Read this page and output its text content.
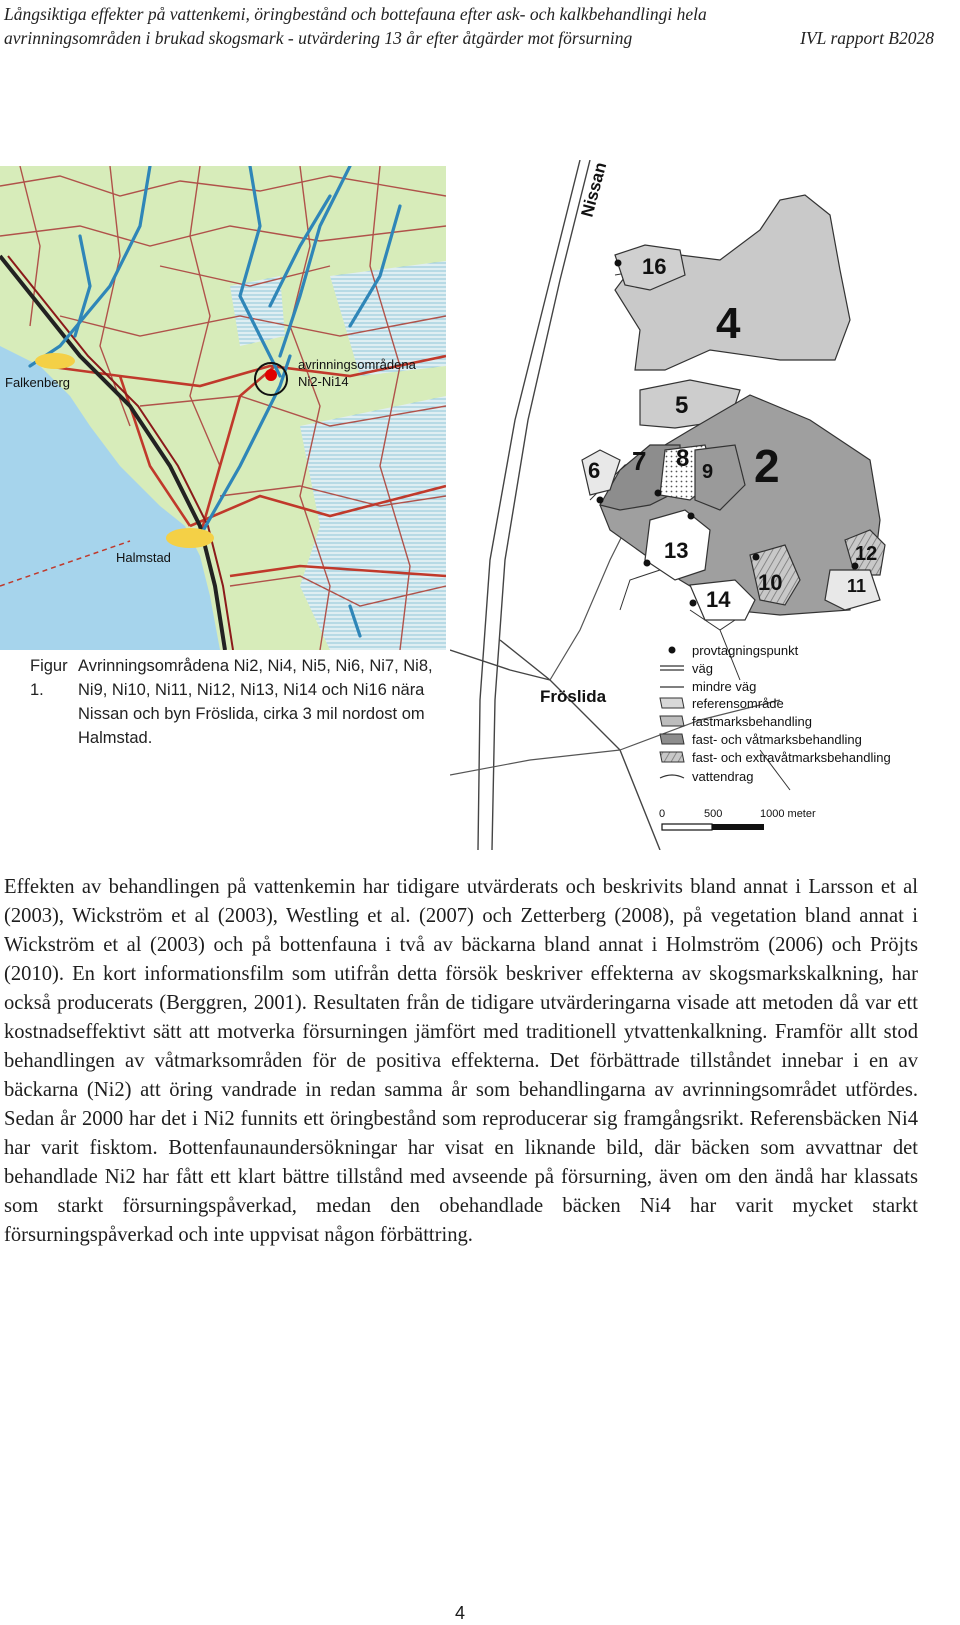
Långsiktiga effekter på vattenkemi, öringbestånd och bottefauna efter ask- och kalkbehandlingi hela
avrinningsområden i brukad skogsmark - utvärdering 13 år efter åtgärder mot försurning	IVL rapport B2028
avrinningsområdena
Ni2-Ni14
Falkenberg
Halmstad
Figur 1.
Avrinningsområdena Ni2, Ni4, Ni5, Ni6, Ni7, Ni8, Ni9, Ni10, Ni11, Ni12, Ni13, Ni14 och Ni16 nära Nissan och byn Fröslida, cirka 3 mil nordost om Halmstad.
Nissan
Fröslida
16
4
5
7 8 9
6	2
13	12
10	11
14
provtagningspunkt
väg
mindre väg
referensområde
fastmarksbehandling
fast- och våtmarksbehandling
fast- och extravåtmarksbehandling
vattendrag
0	500	1000 meter
Effekten av behandlingen på vattenkemin har tidigare utvärderats och beskrivits bland annat i Larsson et al (2003), Wickström et al (2003), Westling et al. (2007) och Zetterberg (2008), på vegetation bland annat i Wickström et al (2003) och på bottenfauna i två av bäckarna bland annat i Holmström (2006) och Pröjts (2010). En kort informationsfilm som utifrån detta försök beskriver effekterna av skogsmarkskalkning, har också producerats (Berggren, 2001). Resultaten från de tidigare utvärderingarna visade att metoden då var ett kostnadseffektivt sätt att motverka försurningen jämfört med traditionell ytvattenkalkning. Framför allt stod behandlingen av våtmarksområden för de positiva effekterna. Det förbättrade tillståndet innebar i en av bäckarna (Ni2) att öring vandrade in redan samma år som behandlingarna av avrinningsområdet utfördes. Sedan år 2000 har det i Ni2 funnits ett öringbestånd som reproducerar sig framgångsrikt. Referensbäcken Ni4 har varit fisktom. Bottenfaunaundersökningar har visat en liknande bild, där bäcken som avvattnar det behandlade Ni2 har fått ett klart bättre tillstånd med avseende på försurning, även om den ändå har klassats som starkt försurningspåverkad, medan den obehandlade bäcken Ni4 har varit mycket starkt försurningspåverkad och inte uppvisat någon förbättring.
4
